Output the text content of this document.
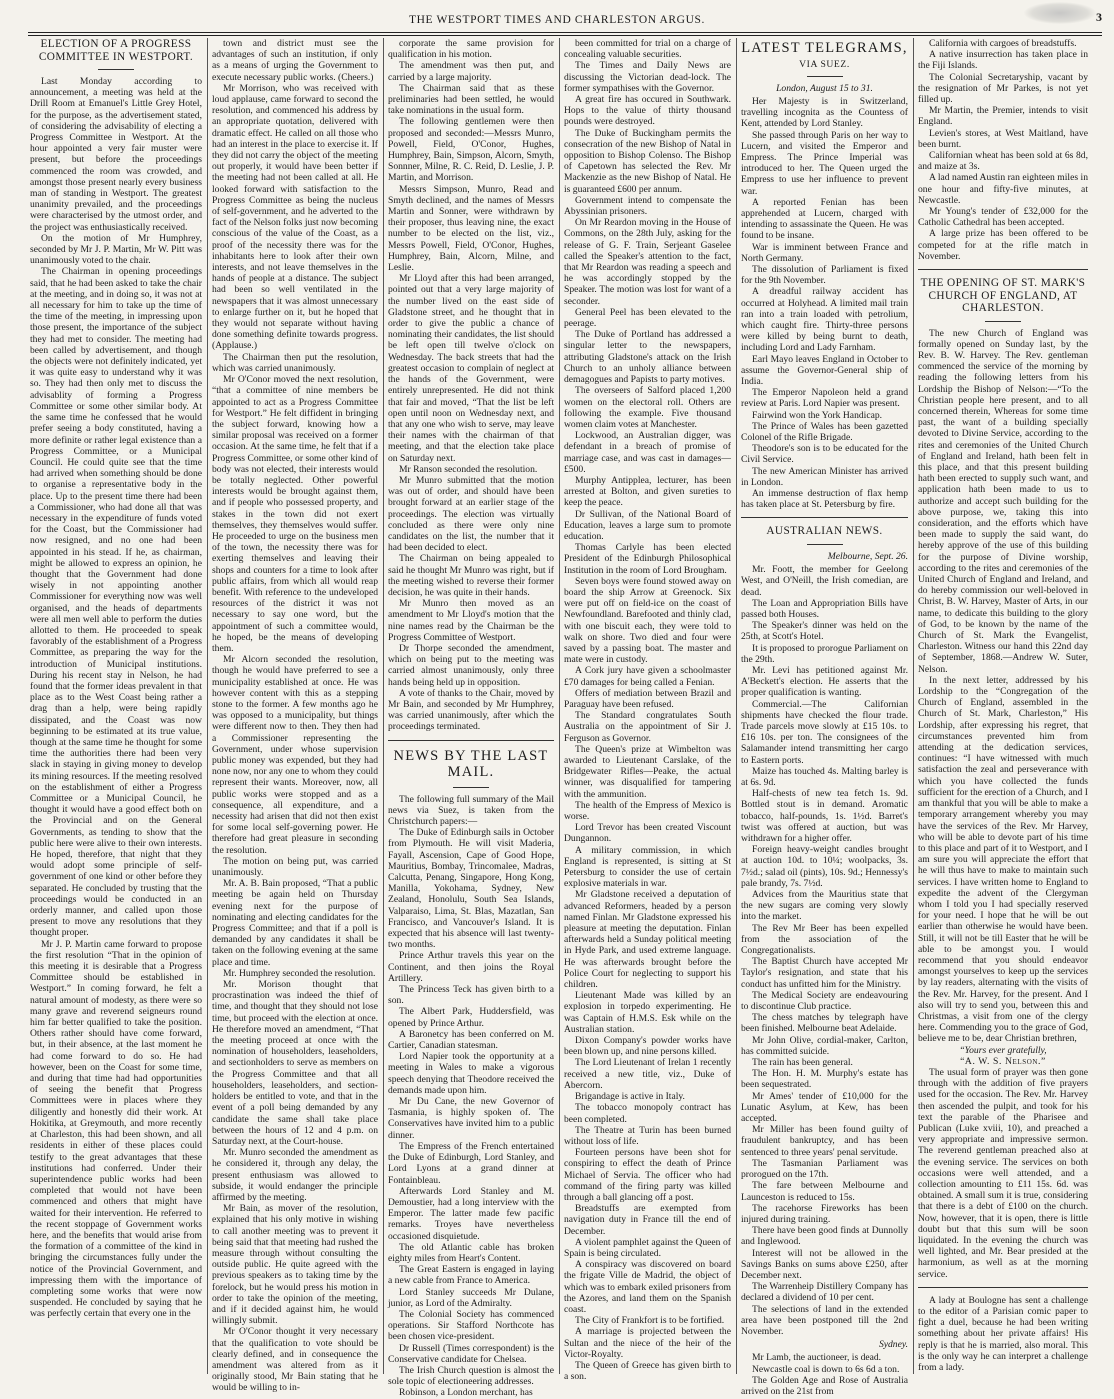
THE WESTPORT TIMES AND CHARLESTON ARGUS.	3
ELECTION OF A PROGRESS COMMITTEE IN WESTPORT.

Last Monday according to announcement, a meeting was held at the Drill Room at Emanuel's Little Grey Hotel, for the purpose, as the advertisement stated, of considering the advisability of electing a Progress Committee in Westport. At the hour appointed a very fair muster were present, but before the proceedings commenced the room was crowded, and amongst those present nearly every business man of standing in Westport. The greatest unanimity prevailed, and the proceedings were characterised by the utmost order, and the project was enthusiastically received.

On the motion of Mr Humphrey, seconded by Mr J. P. Martin, Mr W. Pitt was unanimously voted to the chair.

The Chairman in opening proceedings said, that he had been asked to take the chair at the meeting, and in doing so, it was not at all necessary for him to take up the time of the time of the meeting, in impressing upon those present, the importance of the subject they had met to consider. The meeting had been called by advertisement, and though the objects were not definitely indicated, yet it was quite easy to understand why it was so. They had then only met to discuss the advisablity of forming a Progress Committee or some other similar body. At the same time he confessed that he would prefer seeing a body constituted, having a more definite or rather legal existence than a Progress Committee, or a Municipal Council. He could quite see that the time had arrived when something should be done to organise a representative body in the place. Up to the present time there had been a Commissioner, who had done all that was necessary in the expenditure of funds voted for the Coast, but the Commissioner had now resigned, and no one had been appointed in his stead. If he, as chairman, might be allowed to express an opinion, he thought that the Government had done wisely in not appointing another Commissioner for everything now was well organised, and the heads of departments were all men well able to perform the duties allotted to them. He proceeded to speak favorably of the establishment of a Progress Committee, as preparing the way for the introduction of Municipal institutions. During his recent stay in Nelson, he had found that the former ideas prevalent in that place as to the West Coast being rather a drag than a help, were being rapidly dissipated, and the Coast was now beginning to be estimated at its true value, though at the same time he thought for some time the authorities there had been very slack in staying in giving money to develop its mining resources. If the meeting resolved on the establishment of either a Progress Committee or a Municipal Council, he thought it would have a good effect both on the Provincial and on the General Governments, as tending to show that the public here were alive to their own interests. He hoped, therefore, that night that they would adopt some principle of self-government of one kind or other before they separated. He concluded by trusting that the proceedings would be conducted in an orderly manner, and called upon those present to move any resolutions that they thought proper.

Mr J. P. Martin came forward to propose the first resolution “That in the opinion of this meeting it is desirable that a Progress Committee should be established in Westport.” In coming forward, he felt a natural amount of modesty, as there were so many grave and reverend seigneurs round him far better qualified to take the position. Others rather should have come forward, but, in their absence, at the last moment he had come forward to do so. He had however, been on the Coast for some time, and during that time had had opportunities of seeing the benefit that Progress Committees were in places where they diligently and honestly did their work. At Hokitika, at Greymouth, and more recently at Charleston, this had been shown, and all residents in either of these places could testify to the great advantages that these institutions had conferred. Under their superintendence public works had been completed that would not have been commenced and others that might have waited for their intervention. He referred to the recent stoppage of Government works here, and the benefits that would arise from the formation of a committee of the kind in bringing the circumstances fully under the notice of the Provincial Government, and impressing them with the importance of completing some works that were now suspended. He concluded by saying that he was perfectly certain that every one in the

town and district must see the advantages of such an institution, if only as a means of urging the Government to execute necessary public works. (Cheers.)

Mr Morrison, who was received with loud applause, came forward to second the resolution, and commenced his address by an appropriate quotation, delivered with dramatic effect. He called on all those who had an interest in the place to exercise it. If they did not carry the object of the meeting out properly, it would have been better if the meeting had not been called at all. He looked forward with satisfaction to the Progress Committee as being the nucleus of self-government, and he adverted to the fact of the Nelson folks just now becoming conscious of the value of the Coast, as a proof of the necessity there was for the inhabitants here to look after their own interests, and not leave themselves in the hands of people at a distance. The subject had been so well ventilated in the newspapers that it was almost unnecessary to enlarge further on it, but he hoped that they would not separate without having done something definite towards progress. (Applause.)

The Chairman then put the resolution, which was carried unanimously.

Mr O'Conor moved the next resolution, “that a committee of nine members be appointed to act as a Progress Committee for Westport.” He felt diffident in bringing the subject forward, knowing how a similar proposal was received on a former occasion. At the same time, he felt that if a Progress Committee, or some other kind of body was not elected, their interests would be totally neglected. Other powerful interests would be brought against them, and if people who possessed property, and stakes in the town did not exert themselves, they themselves would suffer. He proceeded to urge on the business men of the town, the necessity there was for exerting themselves and leaving their shops and counters for a time to look after public affairs, from which all would reap benefit. With reference to the undeveloped resources of the district it was not necessary to say one word, but the appointment of such a committee would, he hoped, be the means of developing them.

Mr Alcorn seconded the resolution, though he would have preferred to see a municipality established at once. He was however content with this as a stepping stone to the former. A few months ago he was opposed to a municipality, but things were different now to then. They then had a Commissioner representing the Government, under whose supervision public money was expended, but they had none now, nor any one to whom they could represent their wants. Moreover, now, all public works were stopped and as a consequence, all expenditure, and a necessity had arisen that did not then exist for some local self-governing power. He therefore had great pleasure in seconding the resolution.

The motion on being put, was carried unanimously.

Mr. A. B. Bain proposed, “That a public meeting be again held on Thursday evening next for the purpose of nominating and electing candidates for the Progress Committee; and that if a poll is demanded by any candidates it shall be taken on the following evening at the same place and time.

Mr. Humphrey seconded the resolution.

Mr. Morison thought that procrastination was indeed the thief of time, and thought that they should not lose time, but proceed with the election at once. He therefore moved an amendment, “That the meeting proceed at once with the nomination of householders, leaseholders, and sectionholders to serve as members on the Progress Committee and that all householders, leaseholders, and section-holders be entitled to vote, and that in the event of a poll being demanded by any candidate the same shall take place between the hours of 12 and 4 p.m. on Saturday next, at the Court-house.

Mr. Munro seconded the amendment as he considered it, through any delay, the present enthusiasm was allowed to subside, it would endanger the principle affirmed by the meeting.

Mr Bain, as mover of the resolution, explained that his only motive in wishing to call another meeting was to prevent it being said that that meeting had rushed the measure through without consulting the outside public. He quite agreed with the previous speakers as to taking time by the forelock, but he would press his motion in order to take the opinion of the meeting, and if it decided against him, he would willingly submit.

Mr O'Conor thought it very necessary that the qualification to vote should be clearly defined, and in consequence the amendment was altered from as it originally stood, Mr Bain stating that he would be willing to in-

corporate the same provision for qualification in his motion.

The amendment was then put, and carried by a large majority.

The Chairman said that as these preliminaries had been settled, he would take nominations in the usual form.

The following gentlemen were then proposed and seconded:—Messrs Munro, Powell, Field, O'Conor, Hughes, Humphrey, Bain, Simpson, Alcorn, Smyth, Sonnner, Milne, R. C. Reid, D. Leslie, J. P. Martin, and Morrison.

Messrs Simpson, Munro, Read and Smyth declined, and the names of Messrs Martin and Sonner, were withdrawn by their proposer, thus leaving nine, the exact number to be elected on the list, viz., Messrs Powell, Field, O'Conor, Hughes, Humphrey, Bain, Alcorn, Milne, and Leslie.

Mr Lloyd after this had been arranged, pointed out that a very large majority of the number lived on the east side of Gladstone street, and he thought that in order to give the public a chance of nominating their candidates, the list should be left open till twelve o'clock on Wednesday. The back streets that had the greatest occasion to complain of neglect at the hands of the Government, were entirely unrepresented. He did not think that fair and moved, “That the list be left open until noon on Wednesday next, and that any one who wish to serve, may leave their names with the chairman of that meeting, and that the election take place on Saturday next.

Mr Ranson seconded the resolution.

Mr Munro submitted that the motion was out of order, and should have been brought forward at an earlier stage of the proceedings. The election was virtually concluded as there were only nine candidates on the list, the number that it had been decided to elect.

The Chairman on being appealed to said he thought Mr Munro was right, but if the meeting wished to reverse their former decision, he was quite in their hands.

Mr Munro then moved as an amendment to Mr Lloyd's motion that the nine names read by the Chairman be the Progress Committee of Westport.

Dr Thorpe seconded the amendment, which on being put to the meeting was carried almost unanimously, only three hands being held up in opposition.

A vote of thanks to the Chair, moved by Mr Bain, and seconded by Mr Humphrey, was carried unanimously, after which the proceedings terminated.

NEWS BY THE LAST MAIL.

The following full summary of the Mail news via Suez, is taken from the Christchurch papers:—

The Duke of Edinburgh sails in October from Plymouth. He will visit Maderia, Fayall, Ascension, Cape of Good Hope, Mauritius, Bombay, Trincomalee, Madras, Calcutta, Penang, Singapore, Hong Kong, Manilla, Yokohama, Sydney, New Zealand, Honolulu, South Sea Islands, Valparaiso, Lima, St. Blas, Mazatlan, San Francisco, and Vancouver's Island. It is expected that his absence will last twenty-two months.

Prince Arthur travels this year on the Continent, and then joins the Royal Artillery.

The Princess Teck has given birth to a son.

The Albert Park, Huddersfield, was opened by Prince Arthur.

A Baronetcy has been conferred on M. Cartier, Canadian statesman.

Lord Napier took the opportunity at a meeting in Wales to make a vigorous speech denying that Theodore received the demands made upon him.

Mr Du Cane, the new Governor of Tasmania, is highly spoken of. The Conservatives have invited him to a public dinner.

The Empress of the French entertained the Duke of Edinburgh, Lord Stanley, and Lord Lyons at a grand dinner at Fontainbleau.

Afterwards Lord Stanley and M. Demoustier, had a long interview with the Emperor. The latter made few pacific remarks. Troyes have nevertheless occasioned disquietude.

The old Atlantic cable has broken eighty miles from Heart's Content.

The Great Eastern is engaged in laying a new cable from France to America.

Lord Stanley succeeds Mr Dulane, junior, as Lord of the Admiralty.

The Colonial Society has commenced operations. Sir Stafford Northcote has been chosen vice-president.

Dr Russell (Times correspondent) is the Conservative candidate for Chelsea.

The Irish Church question is almost the sole topic of electioneering addresses.

Robinson, a London merchant, has

been committed for trial on a charge of concealing valuable securities.

The Times and Daily News are discussing the Victorian dead-lock. The former sympathises with the Governor.

A great fire has occured in Southwark. Hops to the value of thirty thousand pounds were destroyed.

The Duke of Buckingham permits the consecration of the new Bishop of Natal in opposition to Bishop Colenso. The Bishop of Capetown has selected the Rev. Mr Mackenzie as the new Bishop of Natal. He is guaranteed £600 per annum.

Government intend to compensate the Abyssinian prisoners.

On Mr Reardon moving in the House of Commons, on the 28th July, asking for the release of G. F. Train, Serjeant Gaselee called the Speaker's attention to the fact, that Mr Reardon was reading a speech and he was accordingly stopped by the Speaker. The motion was lost for want of a seconder.

General Peel has been elevated to the peerage.

The Duke of Portland has addressed a singular letter to the newspapers, attributing Gladstone's attack on the Irish Church to an unholy alliance between demagogues and Papists to party motives.

The overseers of Salford placed 1,200 women on the electoral roll. Others are following the example. Five thousand women claim votes at Manchester.

Lockwood, an Australian digger, was defendant in a breach of promise of marriage case, and was cast in damages—£500.

Murphy Antipplea, lecturer, has been arrested at Bolton, and given sureties to keep the peace.

Dr Sullivan, of the National Board of Education, leaves a large sum to promote education.

Thomas Carlyle has been elected President of the Edinburgh Philosophical Institution in the room of Lord Brougham.

Seven boys were found stowed away on board the ship Arrow at Greenock. Six were put off on field-ice on the coast of Newfoundland. Barefooted and thinly clad, with one biscuit each, they were told to walk on shore. Two died and four were saved by a passing boat. The master and mate were in custody.

A Cork jury have given a schoolmaster £70 damages for being called a Fenian.

Offers of mediation between Brazil and Paraguay have been refused.

The Standard congratulates South Australia on the appointment of Sir J. Ferguson as Governor.

The Queen's prize at Wimbelton was awarded to Lieutenant Carslake, of the Bridgewater Rifles—Peake, the actual winner, was disqualified for tampering with the ammunition.

The health of the Empress of Mexico is worse.

Lord Trevor has been created Viscount Dungannon.

A military commission, in which England is represented, is sitting at St Petersburg to consider the use of certain explosive materials in war.

Mr Gladstone received a deputation of advanced Reformers, headed by a person named Finlan. Mr Gladstone expressed his pleasure at meeting the deputation. Finlan afterwards held a Sunday political meeting in Hyde Park, and used extreme language. He was afterwards brought before the Police Court for neglecting to support his children.

Lieutenant Made was killed by an explosion in torpedo experimenting. He was Captain of H.M.S. Esk while on the Australian station.

Dixon Company's powder works have been blown up, and nine persons killed.

The Lord Lieutenant of Irelan 1 recently received a new title, viz., Duke of Abercorn.

Brigandage is active in Italy.

The tobacco monopoly contract has been completed.

The Theatre at Turin has been burned without loss of life.

Fourteen persons have been shot for conspiring to effect the death of Prince Michael of Servia. The officer who had command of the firing party was killed through a ball glancing off a post.

Breadstuffs are exempted from navigation duty in France till the end of December.

A violent pamphlet against the Queen of Spain is being circulated.

A conspiracy was discovered on board the frigate Ville de Madrid, the object of which was to embark exiled prisoners from the Azores, and land them on the Spanish coast.

The City of Frankfort is to be fortified.

A marriage is projected between the Sultan and the niece of the heir of the Victor-Royalty.

The Queen of Greece has given birth to a son.

LATEST TELEGRAMS,
VIA SUEZ.

London, August 15 to 31.

Her Majesty is in Switzerland, travelling incognita as the Countess of Kent, attended by Lord Stanley.

She passed through Paris on her way to Lucern, and visited the Emperor and Empress. The Prince Imperial was introduced to her. The Queen urged the Empress to use her influence to prevent war.

A reported Fenian has been apprehended at Lucern, charged with intending to assassinate the Queen. He was found to be insane.

War is imminent between France and North Germany.

The dissolution of Parliament is fixed for the 9th November.

A dreadful railway accident has occurred at Holyhead. A limited mail train ran into a train loaded with petrolium, which caught fire. Thirty-three persons were killed by being burnt to death, including Lord and Lady Farnham.

Earl Mayo leaves England in October to assume the Governor-General ship of India.

The Emperor Napoleon held a grand review at Paris. Lord Napier was present.

Fairwind won the York Handicap.

The Prince of Wales has been gazetted Colonel of the Rifle Brigade.

Theodore's son is to be educated for the Civil Service.

The new American Minister has arrived in London.

An immense destruction of flax hemp has taken place at St. Petersburg by fire.

AUSTRALIAN NEWS.

Melbourne, Sept. 26.

Mr. Foott, the member for Geelong West, and O'Neill, the Irish comedian, are dead.

The Loan and Appropriation Bills have passed both Houses.

The Speaker's dinner was held on the 25th, at Scott's Hotel.

It is proposed to prorogue Parliament on the 29th.

Mr. Levi has petitioned against Mr. A'Beckett's election. He asserts that the proper qualification is wanting.

Commercial.—The Californian shipments have checked the flour trade. Trade parcels move slowly at £15 10s. to £16 10s. per ton. The consignees of the Salamander intend transmitting her cargo to Eastern ports.

Maize has touched 4s. Malting barley is at 6s. 9d.

Half-chests of new tea fetch 1s. 9d. Bottled stout is in demand. Aromatic tobacco, half-pounds, 1s. 1½d. Barret's twist was offered at auction, but was withdrawn for a higher offer.

Foreign heavy-weight candles brought at auction 10d. to 10¼; woolpacks, 3s. 7½d.; salad oil (pints), 10s. 9d.; Hennessy's pale brandy, 7s. 7½d.

Advices from the Mauritius state that the new sugars are coming very slowly into the market.

The Rev Mr Beer has been expelled from the association of the Congregationalists.

The Baptist Church have accepted Mr Taylor's resignation, and state that his conduct has unfitted him for the Ministry.

The Medical Society are endeavouring to discontinue Club practice.

The chess matches by telegraph have been finished. Melbourne beat Adelaide.

Mr John Olive, cordial-maker, Carlton, has committed suicide.

The rain has been general.

The Hon. H. M. Murphy's estate has been sequestrated.

Mr Ames' tender of £10,000 for the Lunatic Asylum, at Kew, has been accepted.

Mr Miller has been found guilty of fraudulent bankruptcy, and has been sentenced to three years' penal servitude.

The Tasmanian Parliament was prorogued on the 17th.

The fare between Melbourne and Launceston is reduced to 15s.

The racehorse Fireworks has been injured during training.

There have been good finds at Dunnolly and Inglewood.

Interest will not be allowed in the Savings Banks on sums above £250, after December next.

The Warrenheip Distillery Company has declared a dividend of 10 per cent.

The selections of land in the extended area have been postponed till the 2nd November.

Sydney.

Mr Lamb, the auctioneer, is dead.

Newcastle coal is down to 6s 6d a ton.

The Golden Age and Rose of Australia arrived on the 21st from

California with cargoes of breadstuffs.

A native insurrection has taken place in the Fiji Islands.

The Colonial Secretaryship, vacant by the resignation of Mr Parkes, is not yet filled up.

Mr Martin, the Premier, intends to visit England.

Levien's stores, at West Maitland, have been burnt.

Californian wheat has been sold at 6s 8d, and maize at 3s.

A lad named Austin ran eighteen miles in one hour and fifty-five minutes, at Newcastle.

Mr Young's tender of £32,000 for the Catholic Cathedral has been accepted.

A large prize has been offered to be competed for at the rifle match in November.

THE OPENING OF ST. MARK'S CHURCH OF ENGLAND, AT CHARLESTON.

The new Church of England was formally opened on Sunday last, by the Rev. B. W. Harvey. The Rev. gentleman commenced the service of the morning by reading the following letters from his Lordship the Bishop of Nelson:—“To the Christian people here present, and to all concerned therein, Whereas for some time past, the want of a building specially devoted to Divine Service, according to the rites and ceremonies of the United Church of England and Ireland, hath been felt in this place, and that this present building hath been erected to supply such want, and application hath been made to us to authorize and accept such building for the above purpose, we, taking this into consideration, and the efforts which have been made to supply the said want, do hereby approve of the use of this building for the purpose of Divine worship, according to the rites and ceremonies of the United Church of England and Ireland, and do hereby commission our well-beloved in Christ, B. W. Harvey, Master of Arts, in our name, to dedicate this building to the glory of God, to be known by the name of the Church of St. Mark the Evangelist, Charleston. Witness our hand this 22nd day of September, 1868.—Andrew W. Suter, Nelson.

In the next letter, addressed by his Lordship to the “Congregation of the Church of England, assembled in the Church of St. Mark, Charleston,” His Lordship, after expressing his regret, that circumstances prevented him from attending at the dedication services, continues: “I have witnessed with much satisfaction the zeal and perseverance with which you have collected the funds sufficient for the erection of a Church, and I am thankful that you will be able to make a temporary arrangement whereby you may have the services of the Rev. Mr Harvey, who will be able to devote part of his time to this place and part of it to Westport, and I am sure you will appreciate the effort that he will thus have to make to maintain such services. I have written home to England to expedite the advent of the Clergyman whom I told you I had specially reserved for your need. I hope that he will be out earlier than otherwise he would have been. Still, it will not be till Easter that he will be able to be amongst you. I would recommend that you should endeavor amongst yourselves to keep up the services by lay readers, alternating with the visits of the Rev. Mr. Harvey, for the present. And I also will try to send you, between this and Christmas, a visit from one of the clergy here. Commending you to the grace of God, believe me to be, dear Christian brethren,

“Yours ever gratefully,

“A. W. S. Nelson.”

The usual form of prayer was then gone through with the addition of five prayers used for the occasion. The Rev. Mr. Harvey then ascended the pulpit, and took for his text the parable of the Pharisee and Publican (Luke xviii, 10), and preached a very appropriate and impressive sermon. The reverend gentleman preached also at the evening service. The services on both occasions were well attended, and a collection amounting to £11 15s. 6d. was obtained. A small sum it is true, considering that there is a debt of £100 on the church. Now, however, that it is open, there is little doubt but that this sum will be soon liquidated. In the evening the church was well lighted, and Mr. Bear presided at the harmonium, as well as at the morning service.

A lady at Boulogne has sent a challenge to the editor of a Parisian comic paper to fight a duel, because he had been writing something about her private affairs! His reply is that he is married, also moral. This is the only way he can interpret a challenge from a lady.
